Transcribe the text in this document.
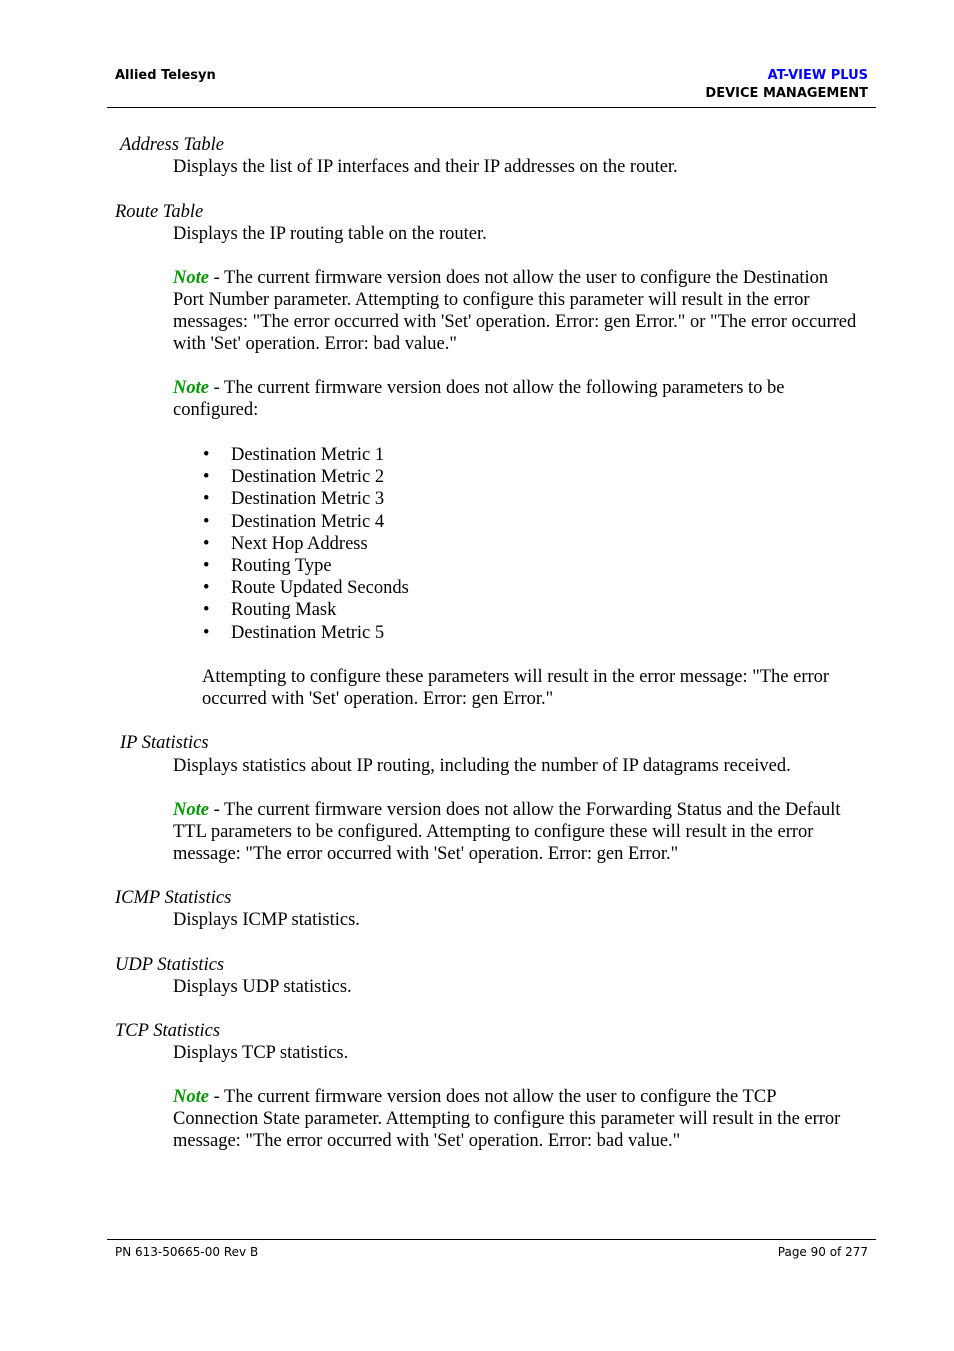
Allied Telesyn	AT-VIEW PLUS
DEVICE MANAGEMENT
Address Table
Displays the list of IP interfaces and their IP addresses on the router.
Route Table
Displays the IP routing table on the router.
Note - The current firmware version does not allow the user to configure the Destination Port Number parameter. Attempting to configure this parameter will result in the error messages: "The error occurred with 'Set' operation. Error: gen Error." or "The error occurred with 'Set' operation. Error: bad value."
Note - The current firmware version does not allow the following parameters to be configured:
• Destination Metric 1
• Destination Metric 2
• Destination Metric 3
• Destination Metric 4
• Next Hop Address
• Routing Type
• Route Updated Seconds
• Routing Mask
• Destination Metric 5
Attempting to configure these parameters will result in the error message: "The error occurred with 'Set' operation. Error: gen Error."
IP Statistics
Displays statistics about IP routing, including the number of IP datagrams received.
Note - The current firmware version does not allow the Forwarding Status and the Default TTL parameters to be configured. Attempting to configure these will result in the error message: "The error occurred with 'Set' operation. Error: gen Error."
ICMP Statistics
Displays ICMP statistics.
UDP Statistics
Displays UDP statistics.
TCP Statistics
Displays TCP statistics.
Note - The current firmware version does not allow the user to configure the TCP Connection State parameter. Attempting to configure this parameter will result in the error message: "The error occurred with 'Set' operation. Error: bad value."
PN 613-50665-00 Rev B	Page 90 of 277
